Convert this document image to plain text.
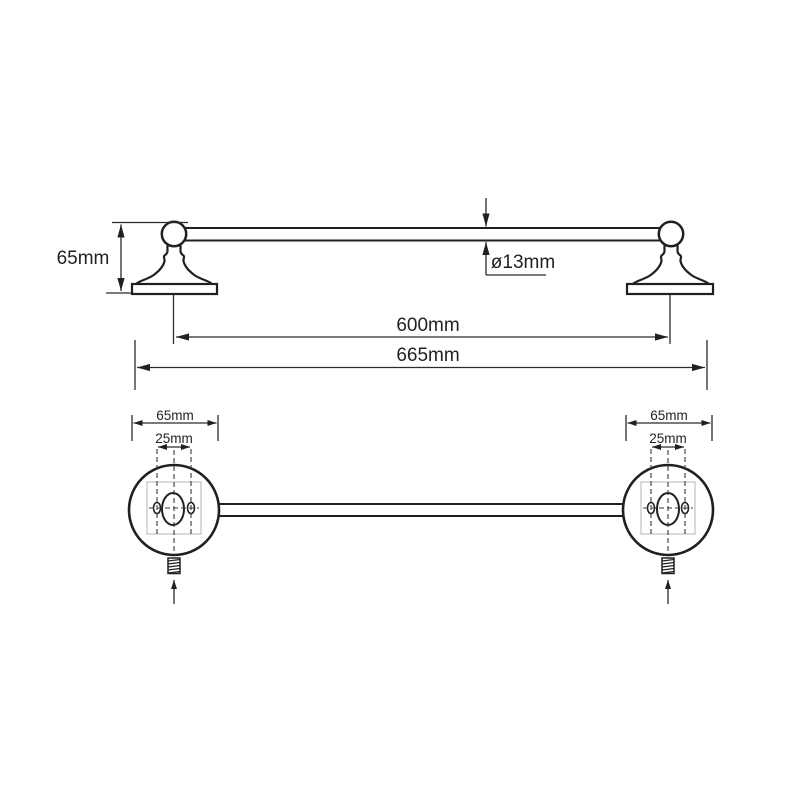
65mm	ø13mm
600mm
665mm
65mm
25mm
65mm
25mm
